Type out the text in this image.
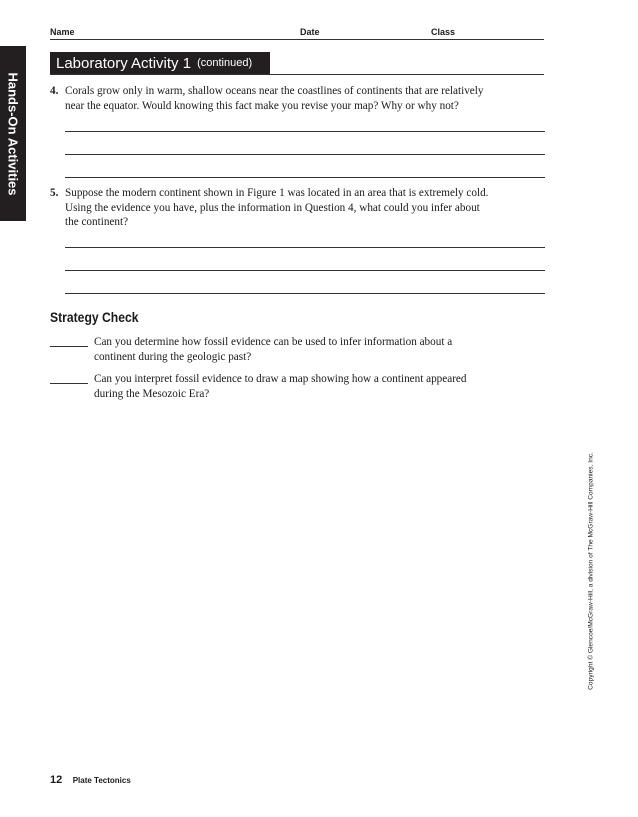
Name	Date	Class
Hands-On Activities
Laboratory Activity 1 (continued)
4. Corals grow only in warm, shallow oceans near the coastlines of continents that are relatively
near the equator. Would knowing this fact make you revise your map? Why or why not?
5. Suppose the modern continent shown in Figure 1 was located in an area that is extremely cold.
Using the evidence you have, plus the information in Question 4, what could you infer about
the continent?
Strategy Check
Can you determine how fossil evidence can be used to infer information about a
continent during the geologic past?
Can you interpret fossil evidence to draw a map showing how a continent appeared
during the Mesozoic Era?
Copyright © Glencoe/McGraw-Hill, a division of The McGraw-Hill Companies, Inc.
12 Plate Tectonics
